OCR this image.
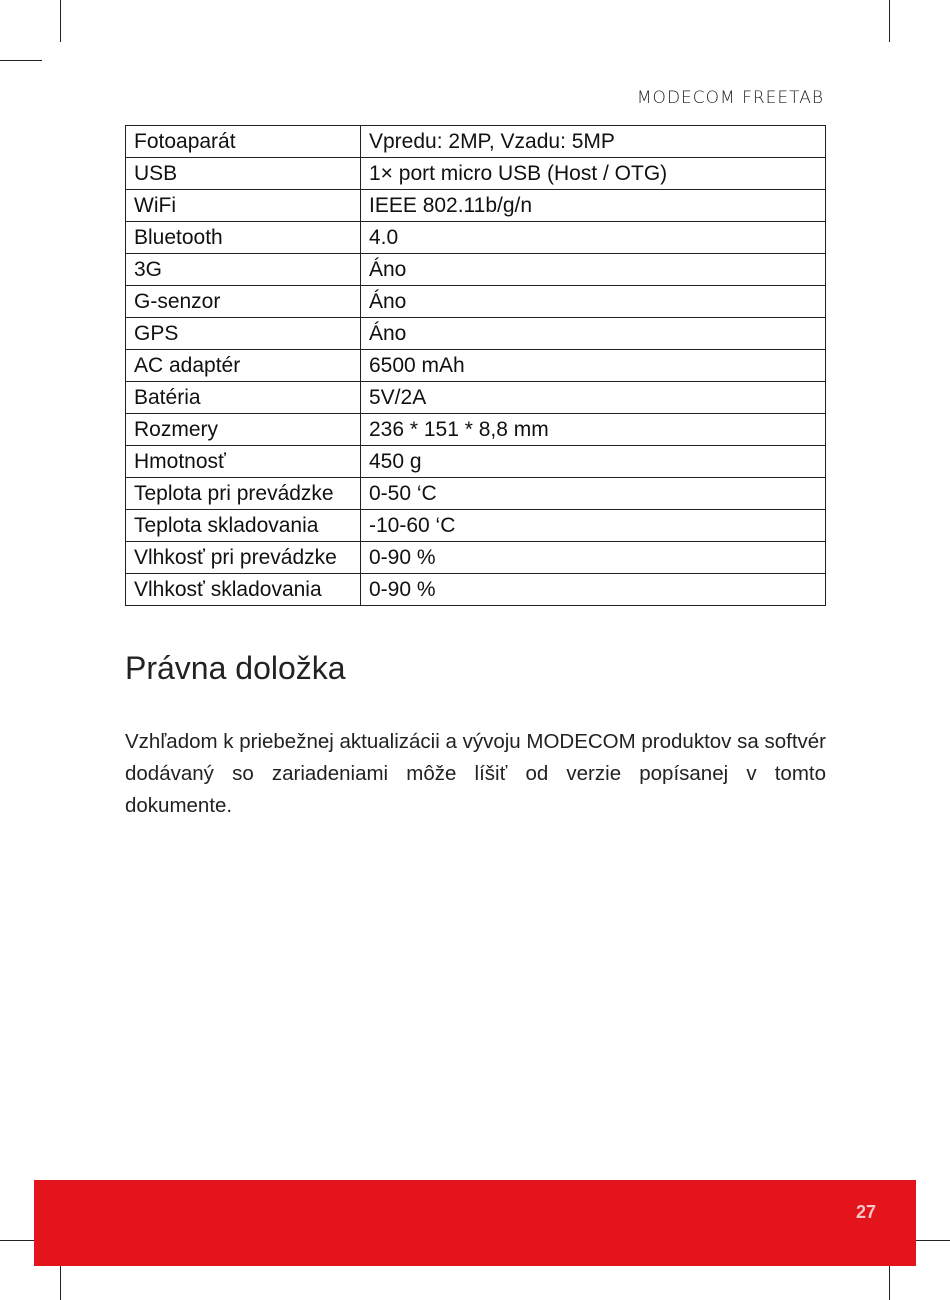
MODECOM FREETAB
Fotoaparát	Vpredu: 2MP, Vzadu: 5MP
USB	1× port micro USB (Host / OTG)
WiFi	IEEE 802.11b/g/n
Bluetooth	4.0
3G	Áno
G-senzor	Áno
GPS	Áno
AC adaptér	6500 mAh
Batéria	5V/2A
Rozmery	236 * 151 * 8,8 mm
Hmotnosť	450 g
Teplota pri prevádzke	0-50 ‘C
Teplota skladovania	-10-60 ‘C
Vlhkosť pri prevádzke	0-90 %
Vlhkosť skladovania	0-90 %
Právna doložka

Vzhľadom k priebežnej aktualizácii a vývoju MODECOM produktov sa softvér dodávaný so zariadeniami môže líšiť od verzie popísanej v tomto dokumente.

27
